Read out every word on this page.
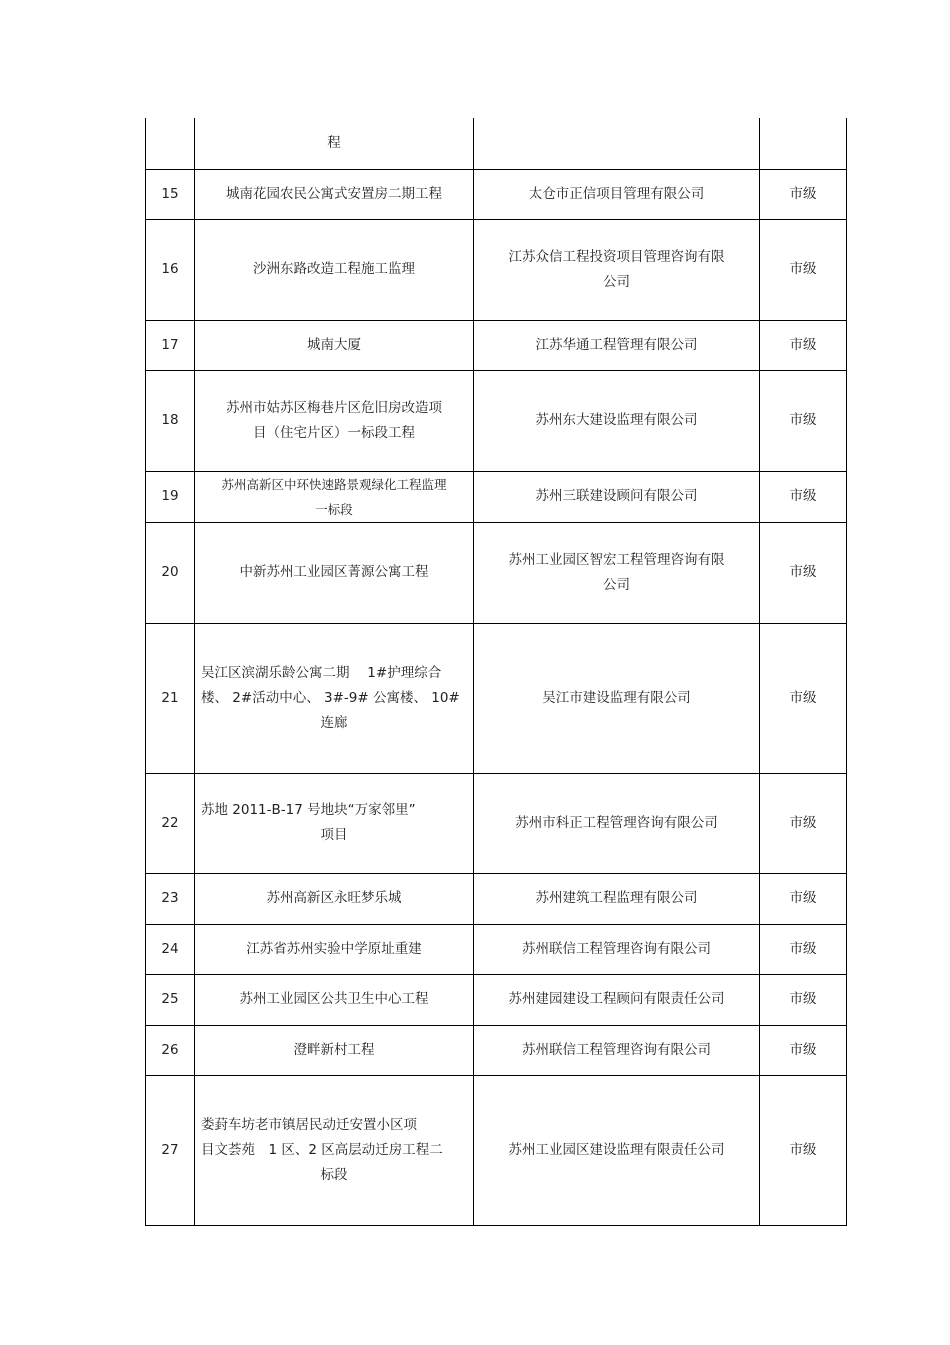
	程		

15	城南花园农民公寓式安置房二期工程	太仓市正信项目管理有限公司	市级
16	沙洲东路改造工程施工监理	江苏众信工程投资项目管理咨询有限
公司	市级
17	城南大厦	江苏华通工程管理有限公司	市级
18	苏州市姑苏区梅巷片区危旧房改造项
目（住宅片区）一标段工程	苏州东大建设监理有限公司	市级
19	苏州高新区中环快速路景观绿化工程监理
一标段	苏州三联建设顾问有限公司	市级
20	中新苏州工业园区菁源公寓工程	苏州工业园区智宏工程管理咨询有限
公司	市级
21	吴江区滨湖乐龄公寓二期　 1#护理综合
楼、 2#活动中心、 3#-9# 公寓楼、 10#
连廊	吴江市建设监理有限公司	市级
22	苏地 2011-B-17 号地块“万家邻里”
项目	苏州市科正工程管理咨询有限公司	市级
23	苏州高新区永旺梦乐城	苏州建筑工程监理有限公司	市级
24	江苏省苏州实验中学原址重建	苏州联信工程管理咨询有限公司	市级
25	苏州工业园区公共卫生中心工程	苏州建园建设工程顾问有限责任公司	市级
26	澄畔新村工程	苏州联信工程管理咨询有限公司	市级
27	娄葑车坊老市镇居民动迁安置小区项
目文荟苑　1 区、2 区高层动迁房工程二
标段	苏州工业园区建设监理有限责任公司	市级
